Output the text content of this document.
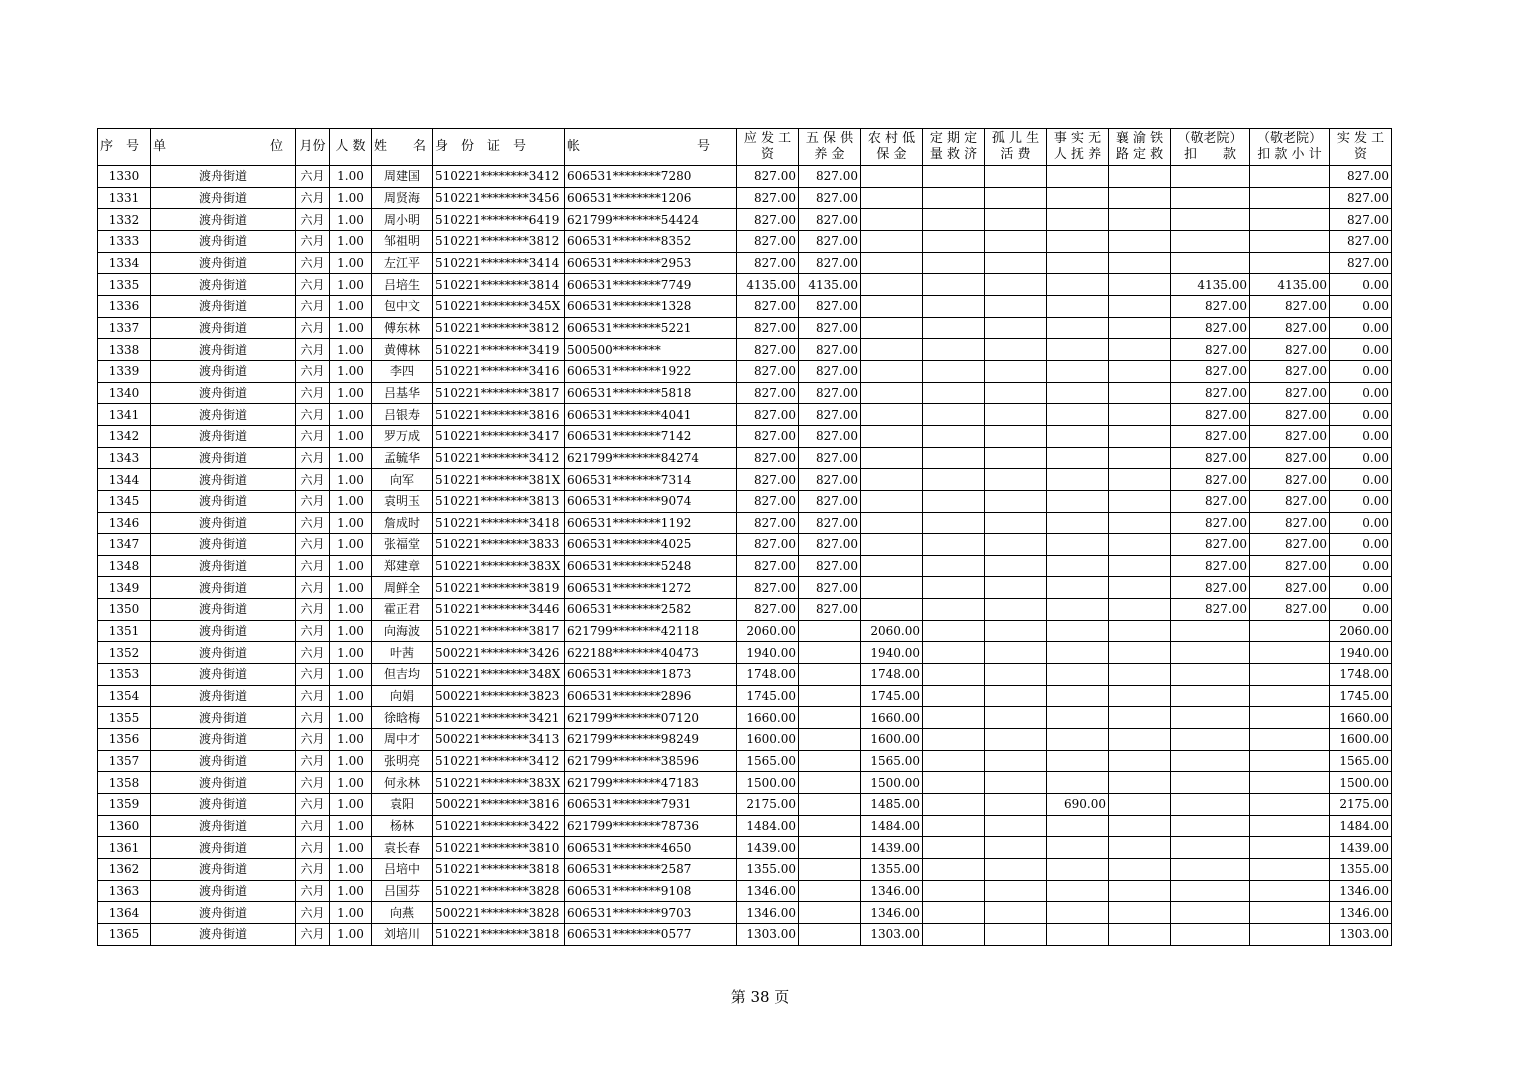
序　号	单　　　　　　　　位	月份	人 数	姓　　名	身　份　证　号	帐　　　　　　　　　号	应 发 工 资	五 保 供 养 金	农 村 低 保 金	定 期 定 量 救 济	孤 儿 生 活 费	事 实 无 人 抚 养	襄 渝 铁 路 定 救	（敬老院） 扣　　款	（敬老院） 扣 款 小 计	实 发 工 资
1330	渡舟街道	六月	1.00	周建国	510221********3412	606531********7280	827.00	827.00								827.00
1331	渡舟街道	六月	1.00	周贤海	510221********3456	606531********1206	827.00	827.00								827.00
1332	渡舟街道	六月	1.00	周小明	510221********6419	621799********54424	827.00	827.00								827.00
1333	渡舟街道	六月	1.00	邹祖明	510221********3812	606531********8352	827.00	827.00								827.00
1334	渡舟街道	六月	1.00	左江平	510221********3414	606531********2953	827.00	827.00								827.00
1335	渡舟街道	六月	1.00	吕培生	510221********3814	606531********7749	4135.00	4135.00						4135.00	4135.00	0.00
1336	渡舟街道	六月	1.00	包中文	510221********345X	606531********1328	827.00	827.00						827.00	827.00	0.00
1337	渡舟街道	六月	1.00	傅东林	510221********3812	606531********5221	827.00	827.00						827.00	827.00	0.00
1338	渡舟街道	六月	1.00	黄傅林	510221********3419	500500********	827.00	827.00						827.00	827.00	0.00
1339	渡舟街道	六月	1.00	李四	510221********3416	606531********1922	827.00	827.00						827.00	827.00	0.00
1340	渡舟街道	六月	1.00	吕基华	510221********3817	606531********5818	827.00	827.00						827.00	827.00	0.00
1341	渡舟街道	六月	1.00	吕银寿	510221********3816	606531********4041	827.00	827.00						827.00	827.00	0.00
1342	渡舟街道	六月	1.00	罗万成	510221********3417	606531********7142	827.00	827.00						827.00	827.00	0.00
1343	渡舟街道	六月	1.00	孟毓华	510221********3412	621799********84274	827.00	827.00						827.00	827.00	0.00
1344	渡舟街道	六月	1.00	向军	510221********381X	606531********7314	827.00	827.00						827.00	827.00	0.00
1345	渡舟街道	六月	1.00	袁明玉	510221********3813	606531********9074	827.00	827.00						827.00	827.00	0.00
1346	渡舟街道	六月	1.00	詹成时	510221********3418	606531********1192	827.00	827.00						827.00	827.00	0.00
1347	渡舟街道	六月	1.00	张福堂	510221********3833	606531********4025	827.00	827.00						827.00	827.00	0.00
1348	渡舟街道	六月	1.00	郑建章	510221********383X	606531********5248	827.00	827.00						827.00	827.00	0.00
1349	渡舟街道	六月	1.00	周鲜全	510221********3819	606531********1272	827.00	827.00						827.00	827.00	0.00
1350	渡舟街道	六月	1.00	霍正君	510221********3446	606531********2582	827.00	827.00						827.00	827.00	0.00
1351	渡舟街道	六月	1.00	向海波	510221********3817	621799********42118	2060.00		2060.00							2060.00
1352	渡舟街道	六月	1.00	叶茜	500221********3426	622188********40473	1940.00		1940.00							1940.00
1353	渡舟街道	六月	1.00	但吉均	510221********348X	606531********1873	1748.00		1748.00							1748.00
1354	渡舟街道	六月	1.00	向娟	500221********3823	606531********2896	1745.00		1745.00							1745.00
1355	渡舟街道	六月	1.00	徐晗梅	510221********3421	621799********07120	1660.00		1660.00							1660.00
1356	渡舟街道	六月	1.00	周中才	500221********3413	621799********98249	1600.00		1600.00							1600.00
1357	渡舟街道	六月	1.00	张明亮	510221********3412	621799********38596	1565.00		1565.00							1565.00
1358	渡舟街道	六月	1.00	何永林	510221********383X	621799********47183	1500.00		1500.00							1500.00
1359	渡舟街道	六月	1.00	袁阳	500221********3816	606531********7931	2175.00		1485.00			690.00				2175.00
1360	渡舟街道	六月	1.00	杨林	510221********3422	621799********78736	1484.00		1484.00							1484.00
1361	渡舟街道	六月	1.00	袁长春	510221********3810	606531********4650	1439.00		1439.00							1439.00
1362	渡舟街道	六月	1.00	吕培中	510221********3818	606531********2587	1355.00		1355.00							1355.00
1363	渡舟街道	六月	1.00	吕国芬	510221********3828	606531********9108	1346.00		1346.00							1346.00
1364	渡舟街道	六月	1.00	向燕	500221********3828	606531********9703	1346.00		1346.00							1346.00
1365	渡舟街道	六月	1.00	刘培川	510221********3818	606531********0577	1303.00		1303.00							1303.00
第 38 页
